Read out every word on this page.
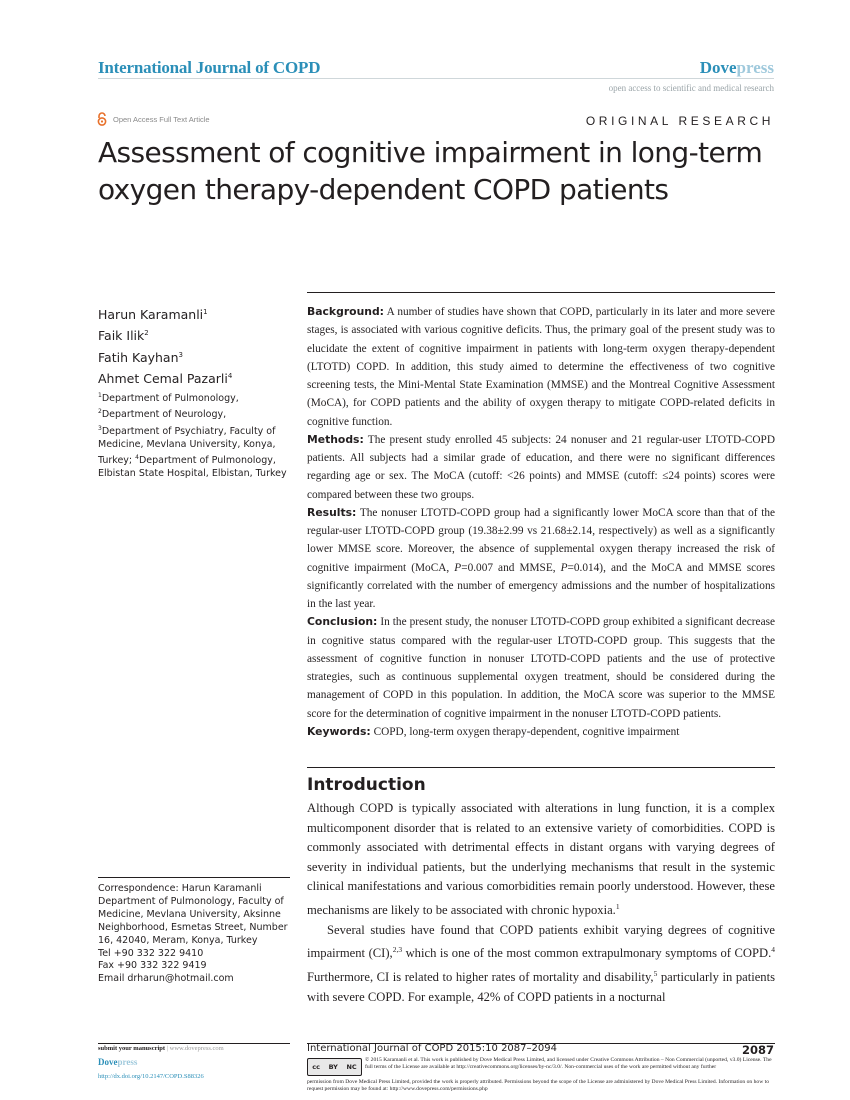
International Journal of COPD	Dovepress
open access to scientific and medical research
Open Access Full Text Article	ORIGINAL RESEARCH
Assessment of cognitive impairment in long-term
oxygen therapy-dependent COPD patients
Harun Karamanli$^1$
Faik Ilik$^2$
Fatih Kayhan$^3$
Ahmet Cemal Pazarli$^4$
$^1$Department of Pulmonology,
$^2$Department of Neurology,
$^3$Department of Psychiatry, Faculty of Medicine, Mevlana University, Konya, Turkey; $^4$Department of Pulmonology, Elbistan State Hospital, Elbistan, Turkey
Correspondence: Harun Karamanli
Department of Pulmonology, Faculty of
Medicine, Mevlana University, Aksinne
Neighborhood, Esmetas Street, Number
16, 42040, Meram, Konya, Turkey
Tel +90 332 322 9410
Fax +90 332 322 9419
Email drharun@hotmail.com

Background: A number of studies have shown that COPD, particularly in its later and more severe stages, is associated with various cognitive deficits. Thus, the primary goal of the present study was to elucidate the extent of cognitive impairment in patients with long-term oxygen therapy-dependent (LTOTD) COPD. In addition, this study aimed to determine the effectiveness of two cognitive screening tests, the Mini-Mental State Examination (MMSE) and the Montreal Cognitive Assessment (MoCA), for COPD patients and the ability of oxygen therapy to mitigate COPD-related deficits in cognitive function.

Methods: The present study enrolled 45 subjects: 24 nonuser and 21 regular-user LTOTD-COPD patients. All subjects had a similar grade of education, and there were no significant differences regarding age or sex. The MoCA (cutoff: <26 points) and MMSE (cutoff: ≤24 points) scores were compared between these two groups.

Results: The nonuser LTOTD-COPD group had a significantly lower MoCA score than that of the regular-user LTOTD-COPD group (19.38±2.99 vs 21.68±2.14, respectively) as well as a significantly lower MMSE score. Moreover, the absence of supplemental oxygen therapy increased the risk of cognitive impairment (MoCA, P=0.007 and MMSE, P=0.014), and the MoCA and MMSE scores significantly correlated with the number of emergency admissions and the number of hospitalizations in the last year.

Conclusion: In the present study, the nonuser LTOTD-COPD group exhibited a significant decrease in cognitive status compared with the regular-user LTOTD-COPD group. This suggests that the assessment of cognitive function in nonuser LTOTD-COPD patients and the use of protective strategies, such as continuous supplemental oxygen treatment, should be considered during the management of COPD in this population. In addition, the MoCA score was superior to the MMSE score for the determination of cognitive impairment in the nonuser LTOTD-COPD patients.

Keywords: COPD, long-term oxygen therapy-dependent, cognitive impairment

Introduction

Although COPD is typically associated with alterations in lung function, it is a complex multicomponent disorder that is related to an extensive variety of comorbidities. COPD is commonly associated with detrimental effects in distant organs with varying degrees of severity in individual patients, but the underlying mechanisms that result in the systemic clinical manifestations and various comorbidities remain poorly understood. However, these mechanisms are likely to be associated with chronic hypoxia.$^1$

Several studies have found that COPD patients exhibit varying degrees of cognitive impairment (CI),$^{2,3}$ which is one of the most common extrapulmonary symptoms of COPD.$^4$ Furthermore, CI is related to higher rates of mortality and disability,$^5$ particularly in patients with severe COPD. For example, 42% of COPD patients in a nocturnal

submit your manuscript | www.dovepress.com
Dovepress
http://dx.doi.org/10.2147/COPD.S88326
International Journal of COPD 2015:10 2087–2094	2087
cc BY NC
© 2015 Karamanli et al. This work is published by Dove Medical Press Limited, and licensed under Creative Commons Attribution – Non Commercial (unported, v3.0) License. The full terms of the License are available at http://creativecommons.org/licenses/by-nc/3.0/. Non-commercial uses of the work are permitted without any further
permission from Dove Medical Press Limited, provided the work is properly attributed. Permissions beyond the scope of the License are administered by Dove Medical Press Limited. Information on how to request permission may be found at: http://www.dovepress.com/permissions.php
